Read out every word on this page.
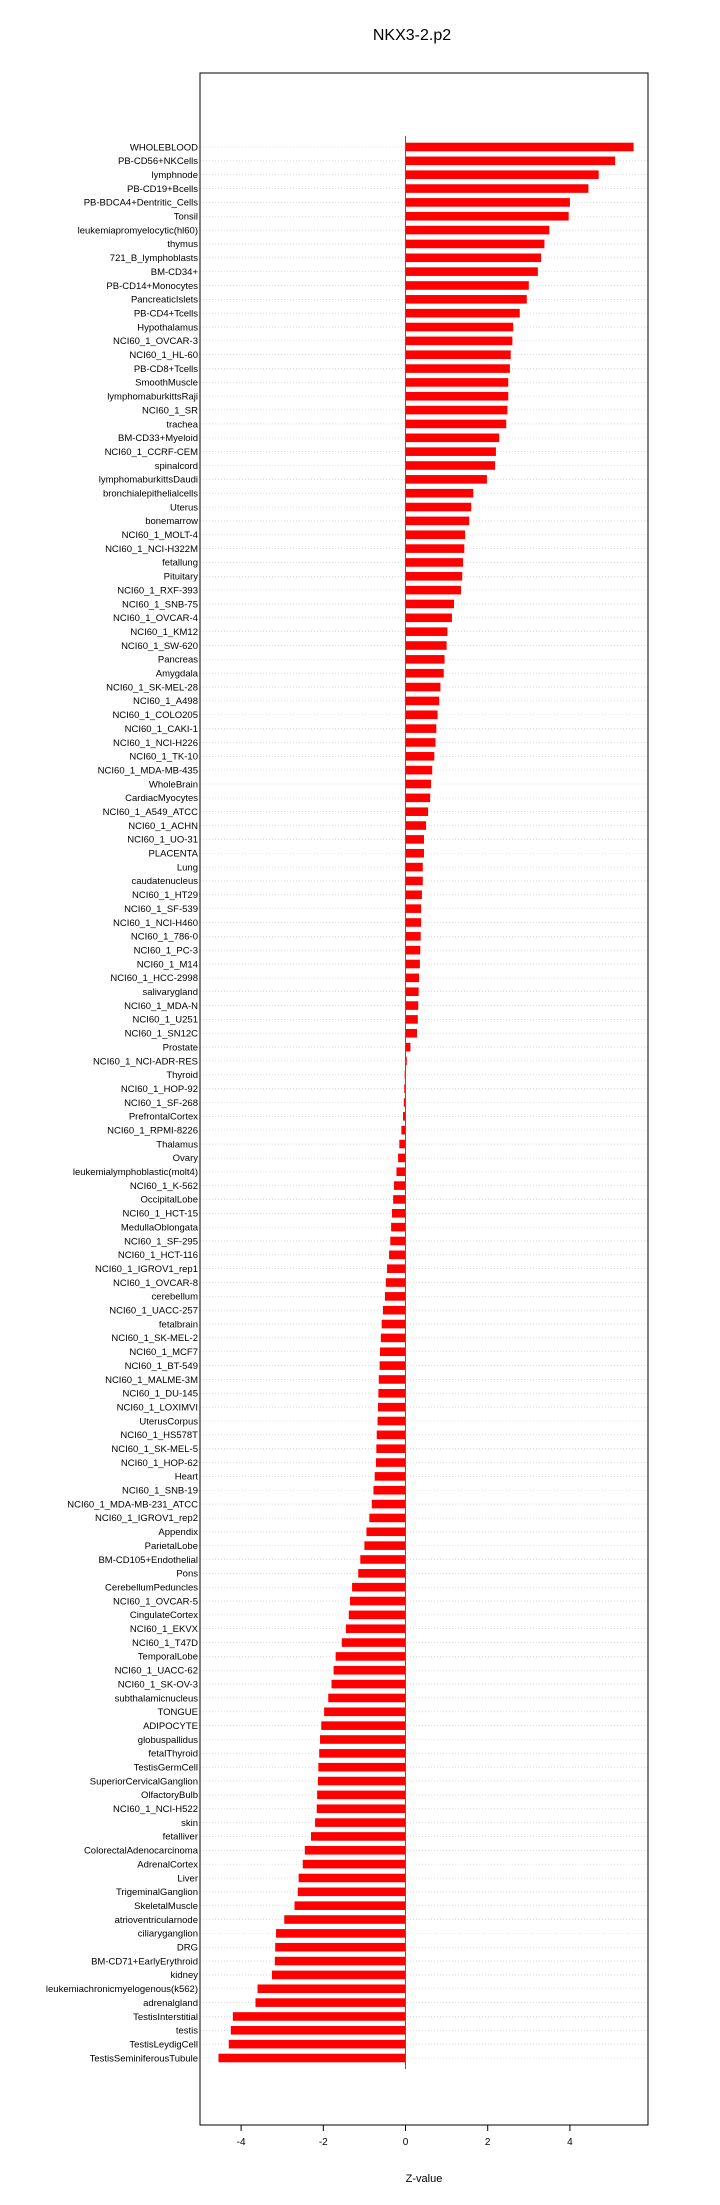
NKX3-2.p2
WHOLEBLOOD
PB-CD56+NKCells
lymphnode
PB-CD19+Bcells
PB-BDCA4+Dentritic_Cells
Tonsil
leukemiapromyelocytic(hl60)
thymus
721_B_lymphoblasts
BM-CD34+
PB-CD14+Monocytes
PancreaticIslets
PB-CD4+Tcells
Hypothalamus
NCI60_1_OVCAR-3
NCI60_1_HL-60
PB-CD8+Tcells
SmoothMuscle
lymphomaburkittsRaji
NCI60_1_SR
trachea
BM-CD33+Myeloid
NCI60_1_CCRF-CEM
spinalcord
lymphomaburkittsDaudi
bronchialepithelialcells
Uterus
bonemarrow
NCI60_1_MOLT-4
NCI60_1_NCI-H322M
fetallung
Pituitary
NCI60_1_RXF-393
NCI60_1_SNB-75
NCI60_1_OVCAR-4
NCI60_1_KM12
NCI60_1_SW-620
Pancreas
Amygdala
NCI60_1_SK-MEL-28
NCI60_1_A498
NCI60_1_COLO205
NCI60_1_CAKI-1
NCI60_1_NCI-H226
NCI60_1_TK-10
NCI60_1_MDA-MB-435
WholeBrain
CardiacMyocytes
NCI60_1_A549_ATCC
NCI60_1_ACHN
NCI60_1_UO-31
PLACENTA
Lung
caudatenucleus
NCI60_1_HT29
NCI60_1_SF-539
NCI60_1_NCI-H460
NCI60_1_786-0
NCI60_1_PC-3
NCI60_1_M14
NCI60_1_HCC-2998
salivarygland
NCI60_1_MDA-N
NCI60_1_U251
NCI60_1_SN12C
Prostate
NCI60_1_NCI-ADR-RES
Thyroid
NCI60_1_HOP-92
NCI60_1_SF-268
PrefrontalCortex
NCI60_1_RPMI-8226
Thalamus
Ovary
leukemialymphoblastic(molt4)
NCI60_1_K-562
OccipitalLobe
NCI60_1_HCT-15
MedullaOblongata
NCI60_1_SF-295
NCI60_1_HCT-116
NCI60_1_IGROV1_rep1
NCI60_1_OVCAR-8
cerebellum
NCI60_1_UACC-257
fetalbrain
NCI60_1_SK-MEL-2
NCI60_1_MCF7
NCI60_1_BT-549
NCI60_1_MALME-3M
NCI60_1_DU-145
NCI60_1_LOXIMVI
UterusCorpus
NCI60_1_HS578T
NCI60_1_SK-MEL-5
NCI60_1_HOP-62
Heart
NCI60_1_SNB-19
NCI60_1_MDA-MB-231_ATCC
NCI60_1_IGROV1_rep2
Appendix
ParietalLobe
BM-CD105+Endothelial
Pons
CerebellumPeduncles
NCI60_1_OVCAR-5
CingulateCortex
NCI60_1_EKVX
NCI60_1_T47D
TemporalLobe
NCI60_1_UACC-62
NCI60_1_SK-OV-3
subthalamicnucleus
TONGUE
ADIPOCYTE
globuspallidus
fetalThyroid
TestisGermCell
SuperiorCervicalGanglion
OlfactoryBulb
NCI60_1_NCI-H522
skin
fetalliver
ColorectalAdenocarcinoma
AdrenalCortex
Liver
TrigeminalGanglion
SkeletalMuscle
atrioventricularnode
ciliaryganglion
DRG
BM-CD71+EarlyErythroid
kidney
leukemiachronicmyelogenous(k562)
adrenalgland
TestisInterstitial
testis
TestisLeydigCell
TestisSeminiferousTubule
-4	-2	0	2	4
Z-value
